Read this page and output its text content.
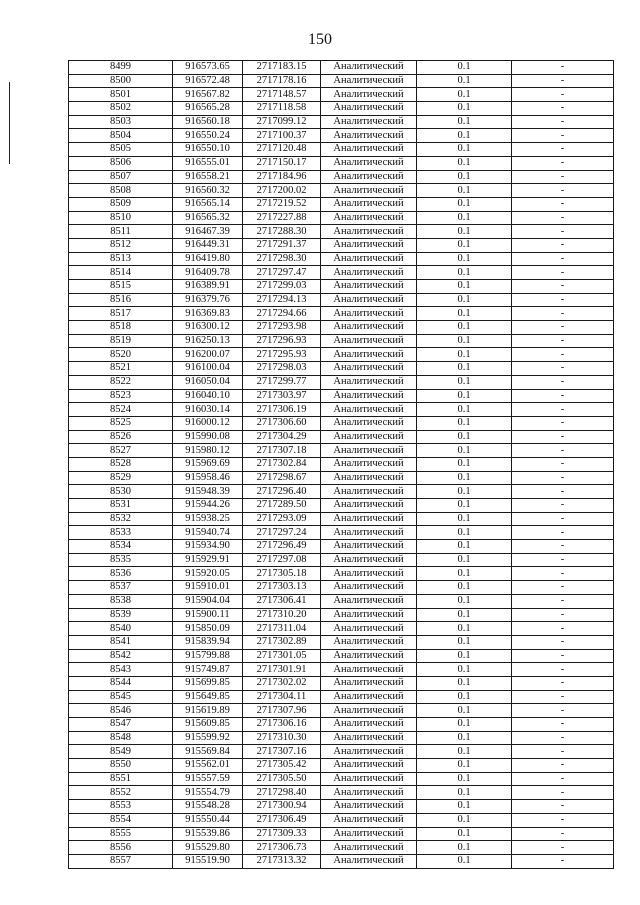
150
8499	916573.65	2717183.15	Аналитический	0.1	-
8500	916572.48	2717178.16	Аналитический	0.1	-
8501	916567.82	2717148.57	Аналитический	0.1	-
8502	916565.28	2717118.58	Аналитический	0.1	-
8503	916560.18	2717099.12	Аналитический	0.1	-
8504	916550.24	2717100.37	Аналитический	0.1	-
8505	916550.10	2717120.48	Аналитический	0.1	-
8506	916555.01	2717150.17	Аналитический	0.1	-
8507	916558.21	2717184.96	Аналитический	0.1	-
8508	916560.32	2717200.02	Аналитический	0.1	-
8509	916565.14	2717219.52	Аналитический	0.1	-
8510	916565.32	2717227.88	Аналитический	0.1	-
8511	916467.39	2717288.30	Аналитический	0.1	-
8512	916449.31	2717291.37	Аналитический	0.1	-
8513	916419.80	2717298.30	Аналитический	0.1	-
8514	916409.78	2717297.47	Аналитический	0.1	-
8515	916389.91	2717299.03	Аналитический	0.1	-
8516	916379.76	2717294.13	Аналитический	0.1	-
8517	916369.83	2717294.66	Аналитический	0.1	-
8518	916300.12	2717293.98	Аналитический	0.1	-
8519	916250.13	2717296.93	Аналитический	0.1	-
8520	916200.07	2717295.93	Аналитический	0.1	-
8521	916100.04	2717298.03	Аналитический	0.1	-
8522	916050.04	2717299.77	Аналитический	0.1	-
8523	916040.10	2717303.97	Аналитический	0.1	-
8524	916030.14	2717306.19	Аналитический	0.1	-
8525	916000.12	2717306.60	Аналитический	0.1	-
8526	915990.08	2717304.29	Аналитический	0.1	-
8527	915980.12	2717307.18	Аналитический	0.1	-
8528	915969.69	2717302.84	Аналитический	0.1	-
8529	915958.46	2717298.67	Аналитический	0.1	-
8530	915948.39	2717296.40	Аналитический	0.1	-
8531	915944.26	2717289.50	Аналитический	0.1	-
8532	915938.25	2717293.09	Аналитический	0.1	-
8533	915940.74	2717297.24	Аналитический	0.1	-
8534	915934.90	2717296.49	Аналитический	0.1	-
8535	915929.91	2717297.08	Аналитический	0.1	-
8536	915920.05	2717305.18	Аналитический	0.1	-
8537	915910.01	2717303.13	Аналитический	0.1	-
8538	915904.04	2717306.41	Аналитический	0.1	-
8539	915900.11	2717310.20	Аналитический	0.1	-
8540	915850.09	2717311.04	Аналитический	0.1	-
8541	915839.94	2717302.89	Аналитический	0.1	-
8542	915799.88	2717301.05	Аналитический	0.1	-
8543	915749.87	2717301.91	Аналитический	0.1	-
8544	915699.85	2717302.02	Аналитический	0.1	-
8545	915649.85	2717304.11	Аналитический	0.1	-
8546	915619.89	2717307.96	Аналитический	0.1	-
8547	915609.85	2717306.16	Аналитический	0.1	-
8548	915599.92	2717310.30	Аналитический	0.1	-
8549	915569.84	2717307.16	Аналитический	0.1	-
8550	915562.01	2717305.42	Аналитический	0.1	-
8551	915557.59	2717305.50	Аналитический	0.1	-
8552	915554.79	2717298.40	Аналитический	0.1	-
8553	915548.28	2717300.94	Аналитический	0.1	-
8554	915550.44	2717306.49	Аналитический	0.1	-
8555	915539.86	2717309.33	Аналитический	0.1	-
8556	915529.80	2717306.73	Аналитический	0.1	-
8557	915519.90	2717313.32	Аналитический	0.1	-
